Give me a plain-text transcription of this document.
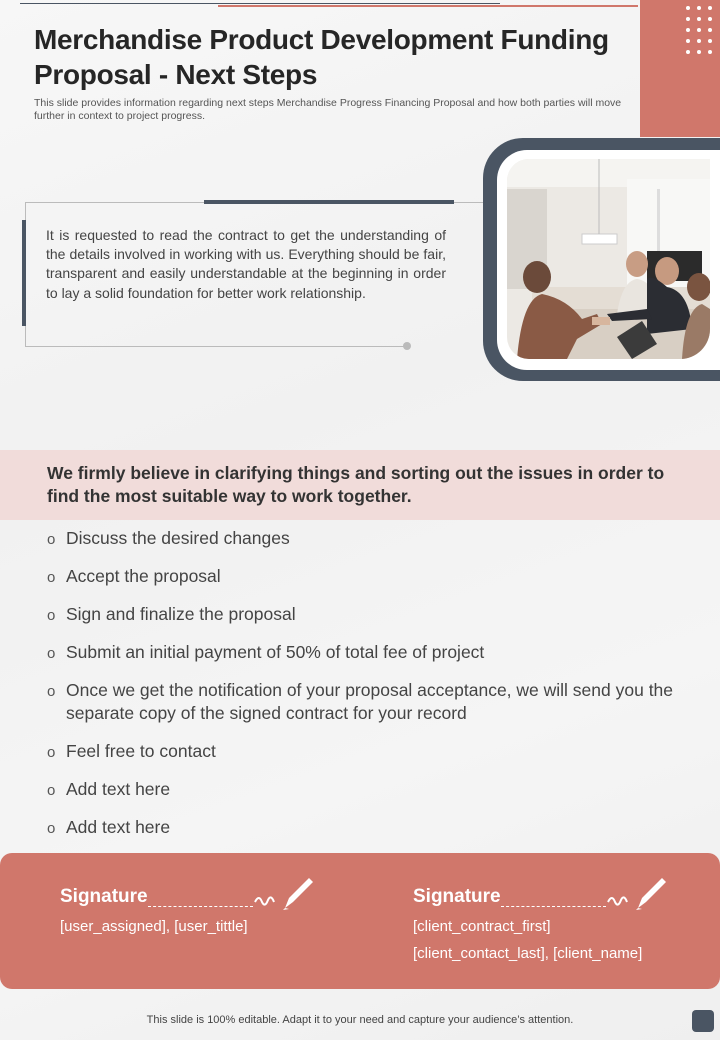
Merchandise Product Development Funding Proposal - Next Steps
This slide provides information regarding next steps Merchandise Progress Financing Proposal and how both parties will move further in context to project progress.
It is requested to read the contract to get the understanding of the details involved in working with us. Everything should be fair, transparent and easily understandable at the beginning in order to lay a solid foundation for better work relationship.
We firmly believe in clarifying things and sorting out the issues in order to find the most suitable way to work together.
o Discuss the desired changes
o Accept the proposal
o Sign and finalize the proposal
o Submit an initial payment of 50% of total fee of project
o Once we get the notification of your proposal acceptance, we will send you the separate copy of the signed contract for your record
o Feel free to contact
o Add text here
o Add text here
Signature
[user_assigned], [user_tittle]
Signature
[client_contract_first]
[client_contact_last], [client_name]
This slide is 100% editable. Adapt it to your need and capture your audience’s attention.
